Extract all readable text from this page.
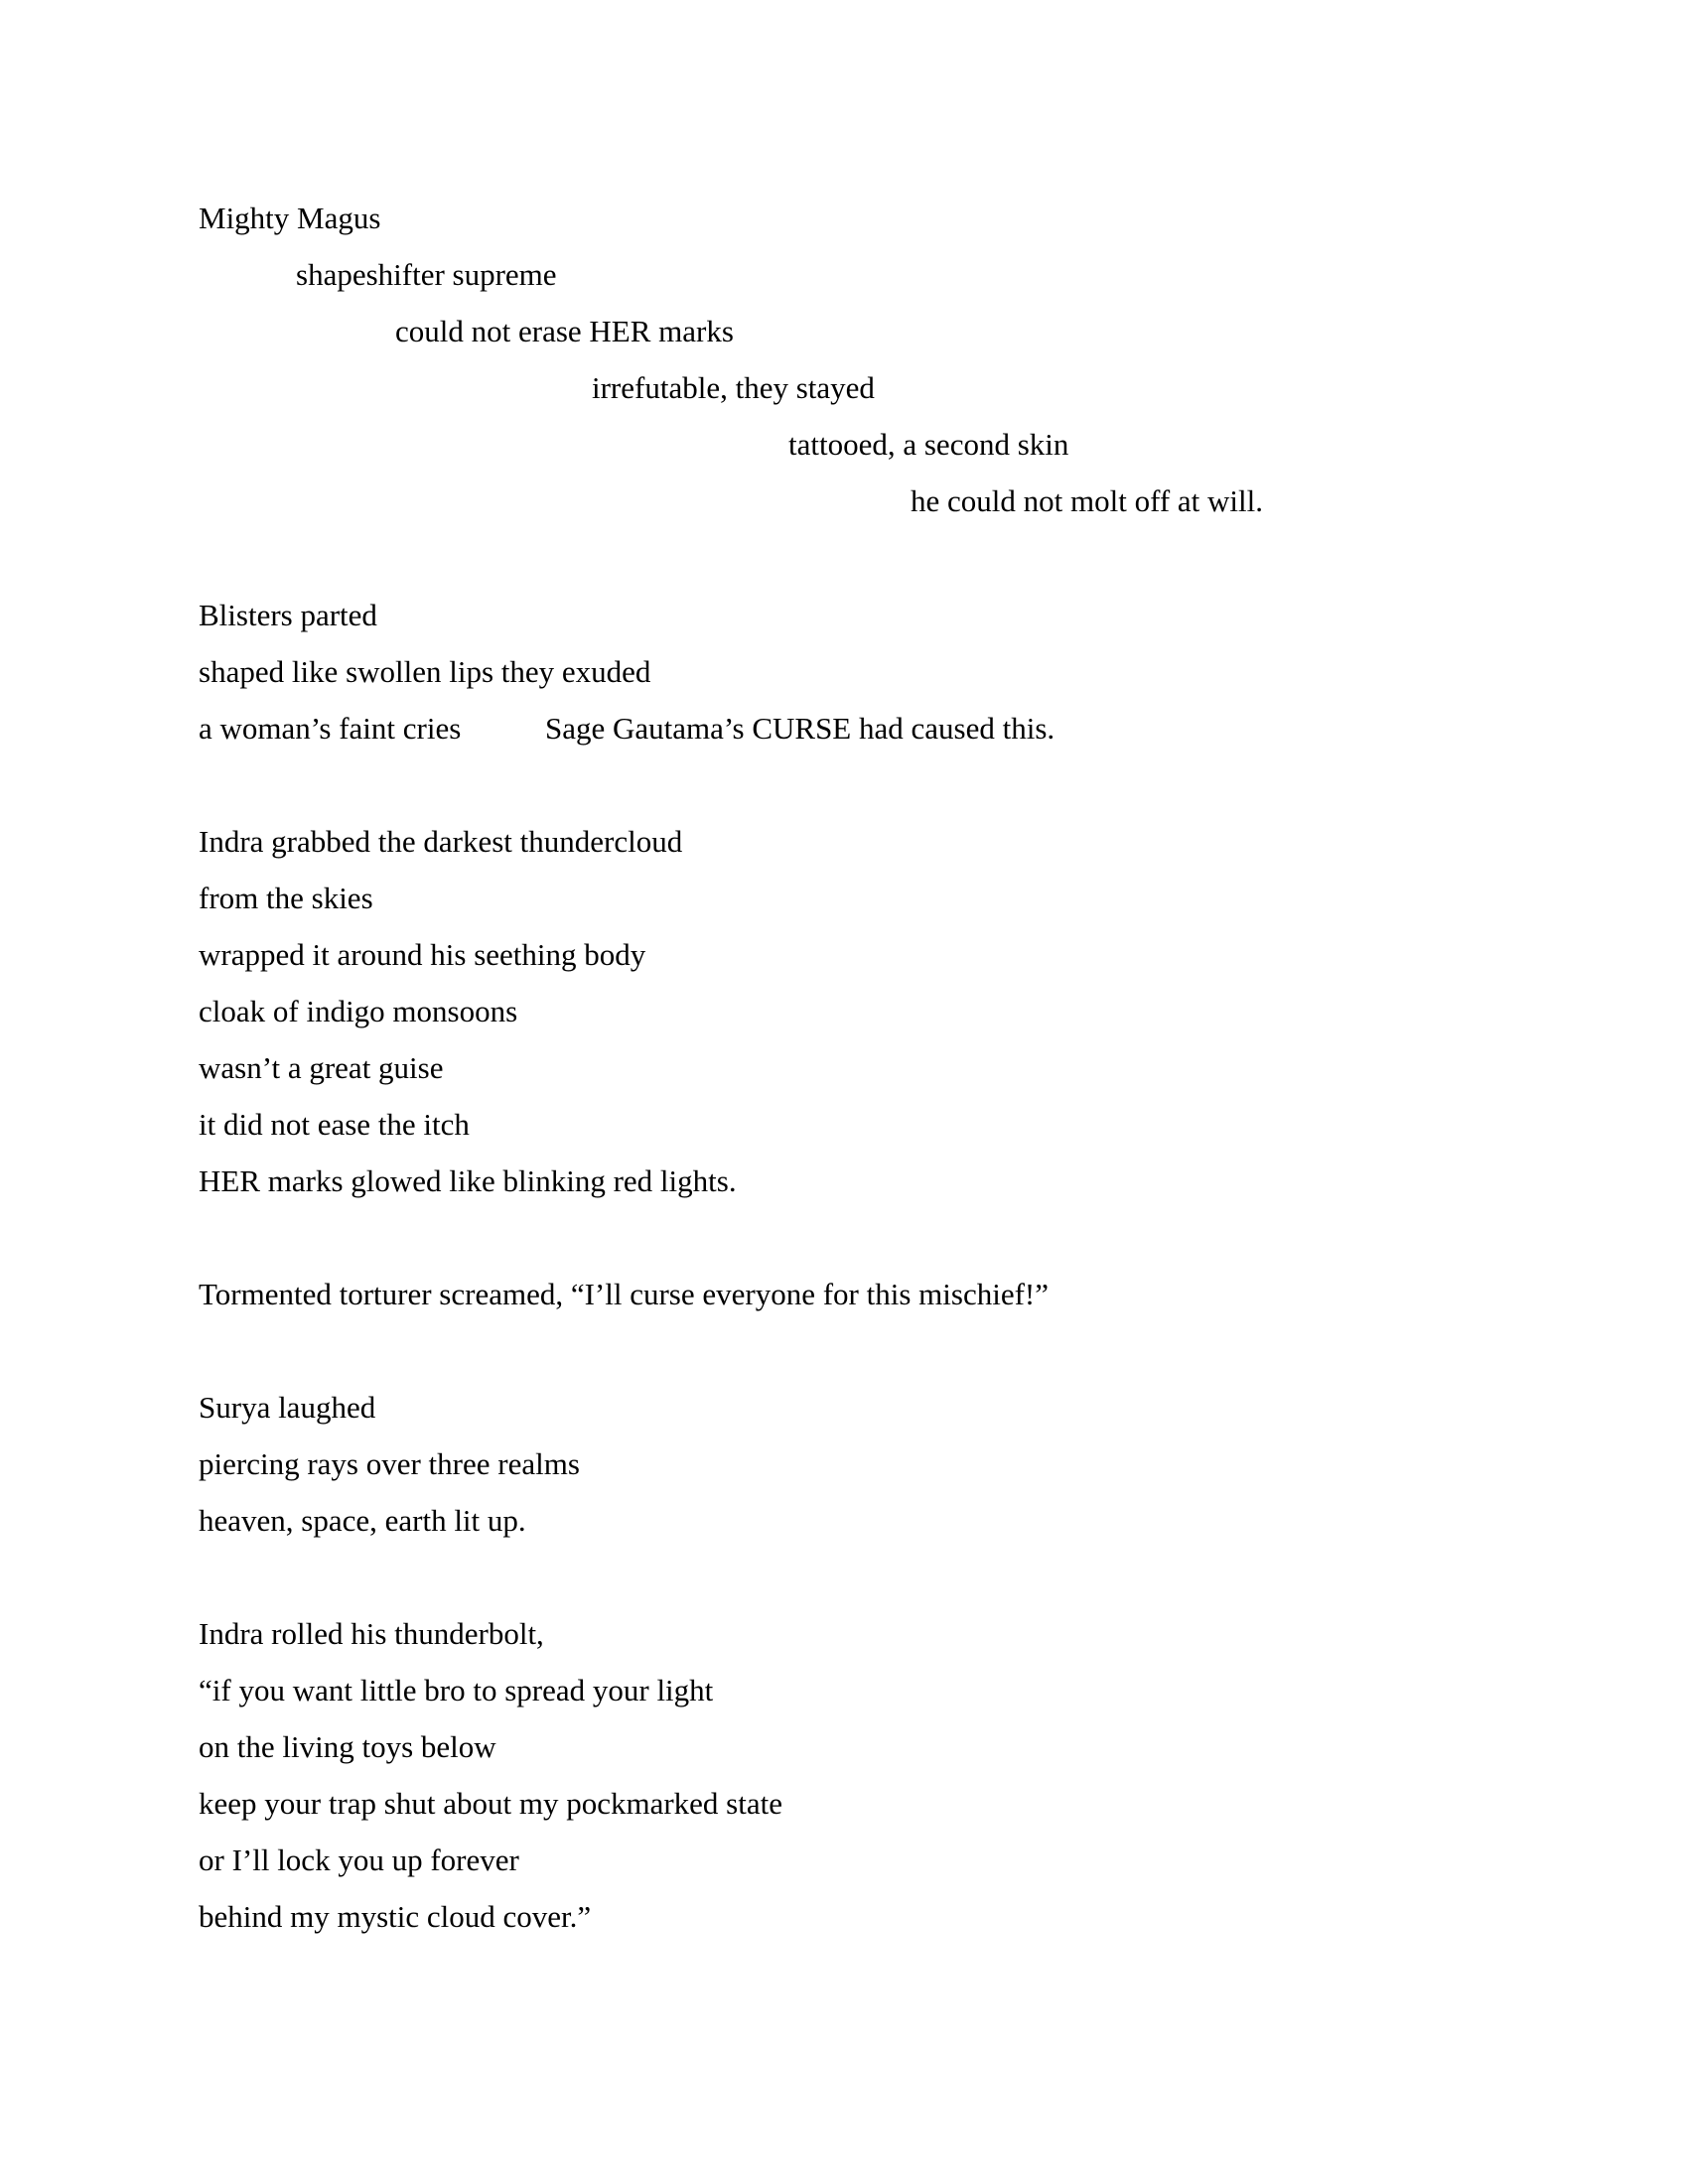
Mighty Magus

shapeshifter supreme

could not erase HER marks

irrefutable, they stayed

tattooed, a second skin

he could not molt off at will.

Blisters parted

shaped like swollen lips they exuded

a woman’s faint cries	Sage Gautama’s CURSE had caused this.

Indra grabbed the darkest thundercloud

from the skies

wrapped it around his seething body

cloak of indigo monsoons

wasn’t a great guise

it did not ease the itch

HER marks glowed like blinking red lights.

Tormented torturer screamed, “I’ll curse everyone for this mischief!”

Surya laughed

piercing rays over three realms

heaven, space, earth lit up.

Indra rolled his thunderbolt,

“if you want little bro to spread your light

on the living toys below

keep your trap shut about my pockmarked state

or I’ll lock you up forever

behind my mystic cloud cover.”
